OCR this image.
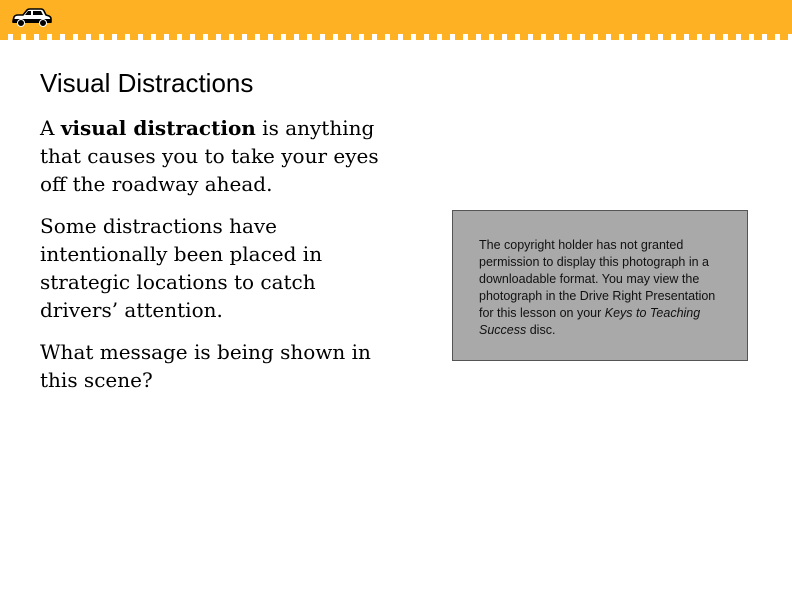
Visual Distractions

A visual distraction is anything that causes you to take your eyes off the roadway ahead.

Some distractions have intentionally been placed in strategic locations to catch drivers’ attention.

What message is being shown in this scene?

The copyright holder has not granted permission to display this photograph in a downloadable format. You may view the photograph in the Drive Right Presentation for this lesson on your Keys to Teaching Success disc.
